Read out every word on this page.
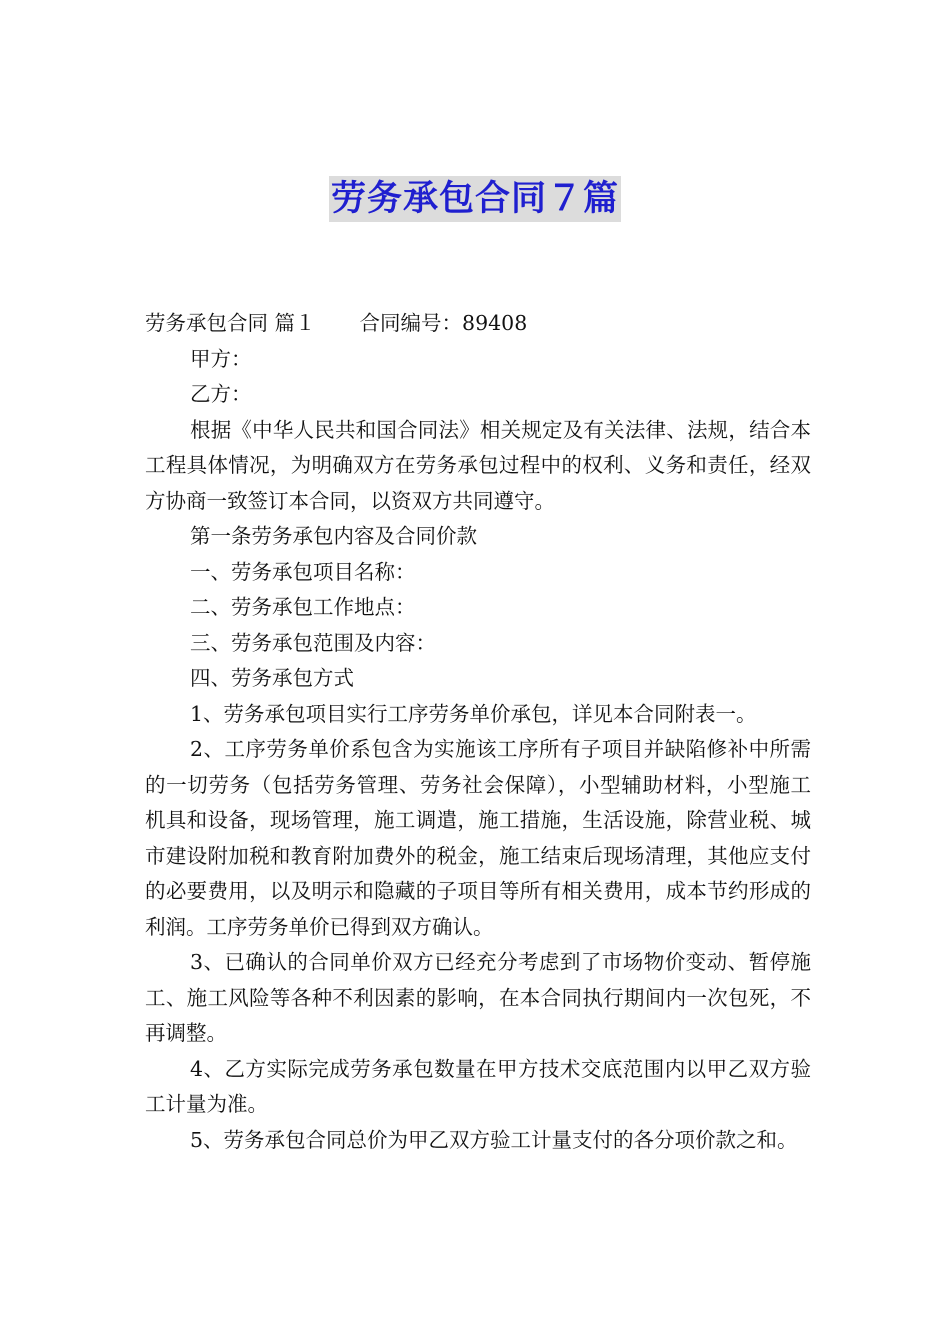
劳务承包合同７篇
劳务承包合同 篇１ 合同编号：89408
甲方：
乙方：

根据《中华人民共和国合同法》相关规定及有关法律、法规，结合本工程具体情况，为明确双方在劳务承包过程中的权利、义务和责任，经双方协商一致签订本合同，以资双方共同遵守。

第一条劳务承包内容及合同价款

一、劳务承包项目名称：

二、劳务承包工作地点：

三、劳务承包范围及内容：

四、劳务承包方式

1、劳务承包项目实行工序劳务单价承包，详见本合同附表一。

2、工序劳务单价系包含为实施该工序所有子项目并缺陷修补中所需的一切劳务（包括劳务管理、劳务社会保障），小型辅助材料，小型施工机具和设备，现场管理，施工调遣，施工措施，生活设施，除营业税、城市建设附加税和教育附加费外的税金，施工结束后现场清理，其他应支付的必要费用，以及明示和隐藏的子项目等所有相关费用，成本节约形成的利润。工序劳务单价已得到双方确认。

3、已确认的合同单价双方已经充分考虑到了市场物价变动、暂停施工、施工风险等各种不利因素的影响，在本合同执行期间内一次包死，不再调整。

4、乙方实际完成劳务承包数量在甲方技术交底范围内以甲乙双方验工计量为准。

5、劳务承包合同总价为甲乙双方验工计量支付的各分项价款之和。
